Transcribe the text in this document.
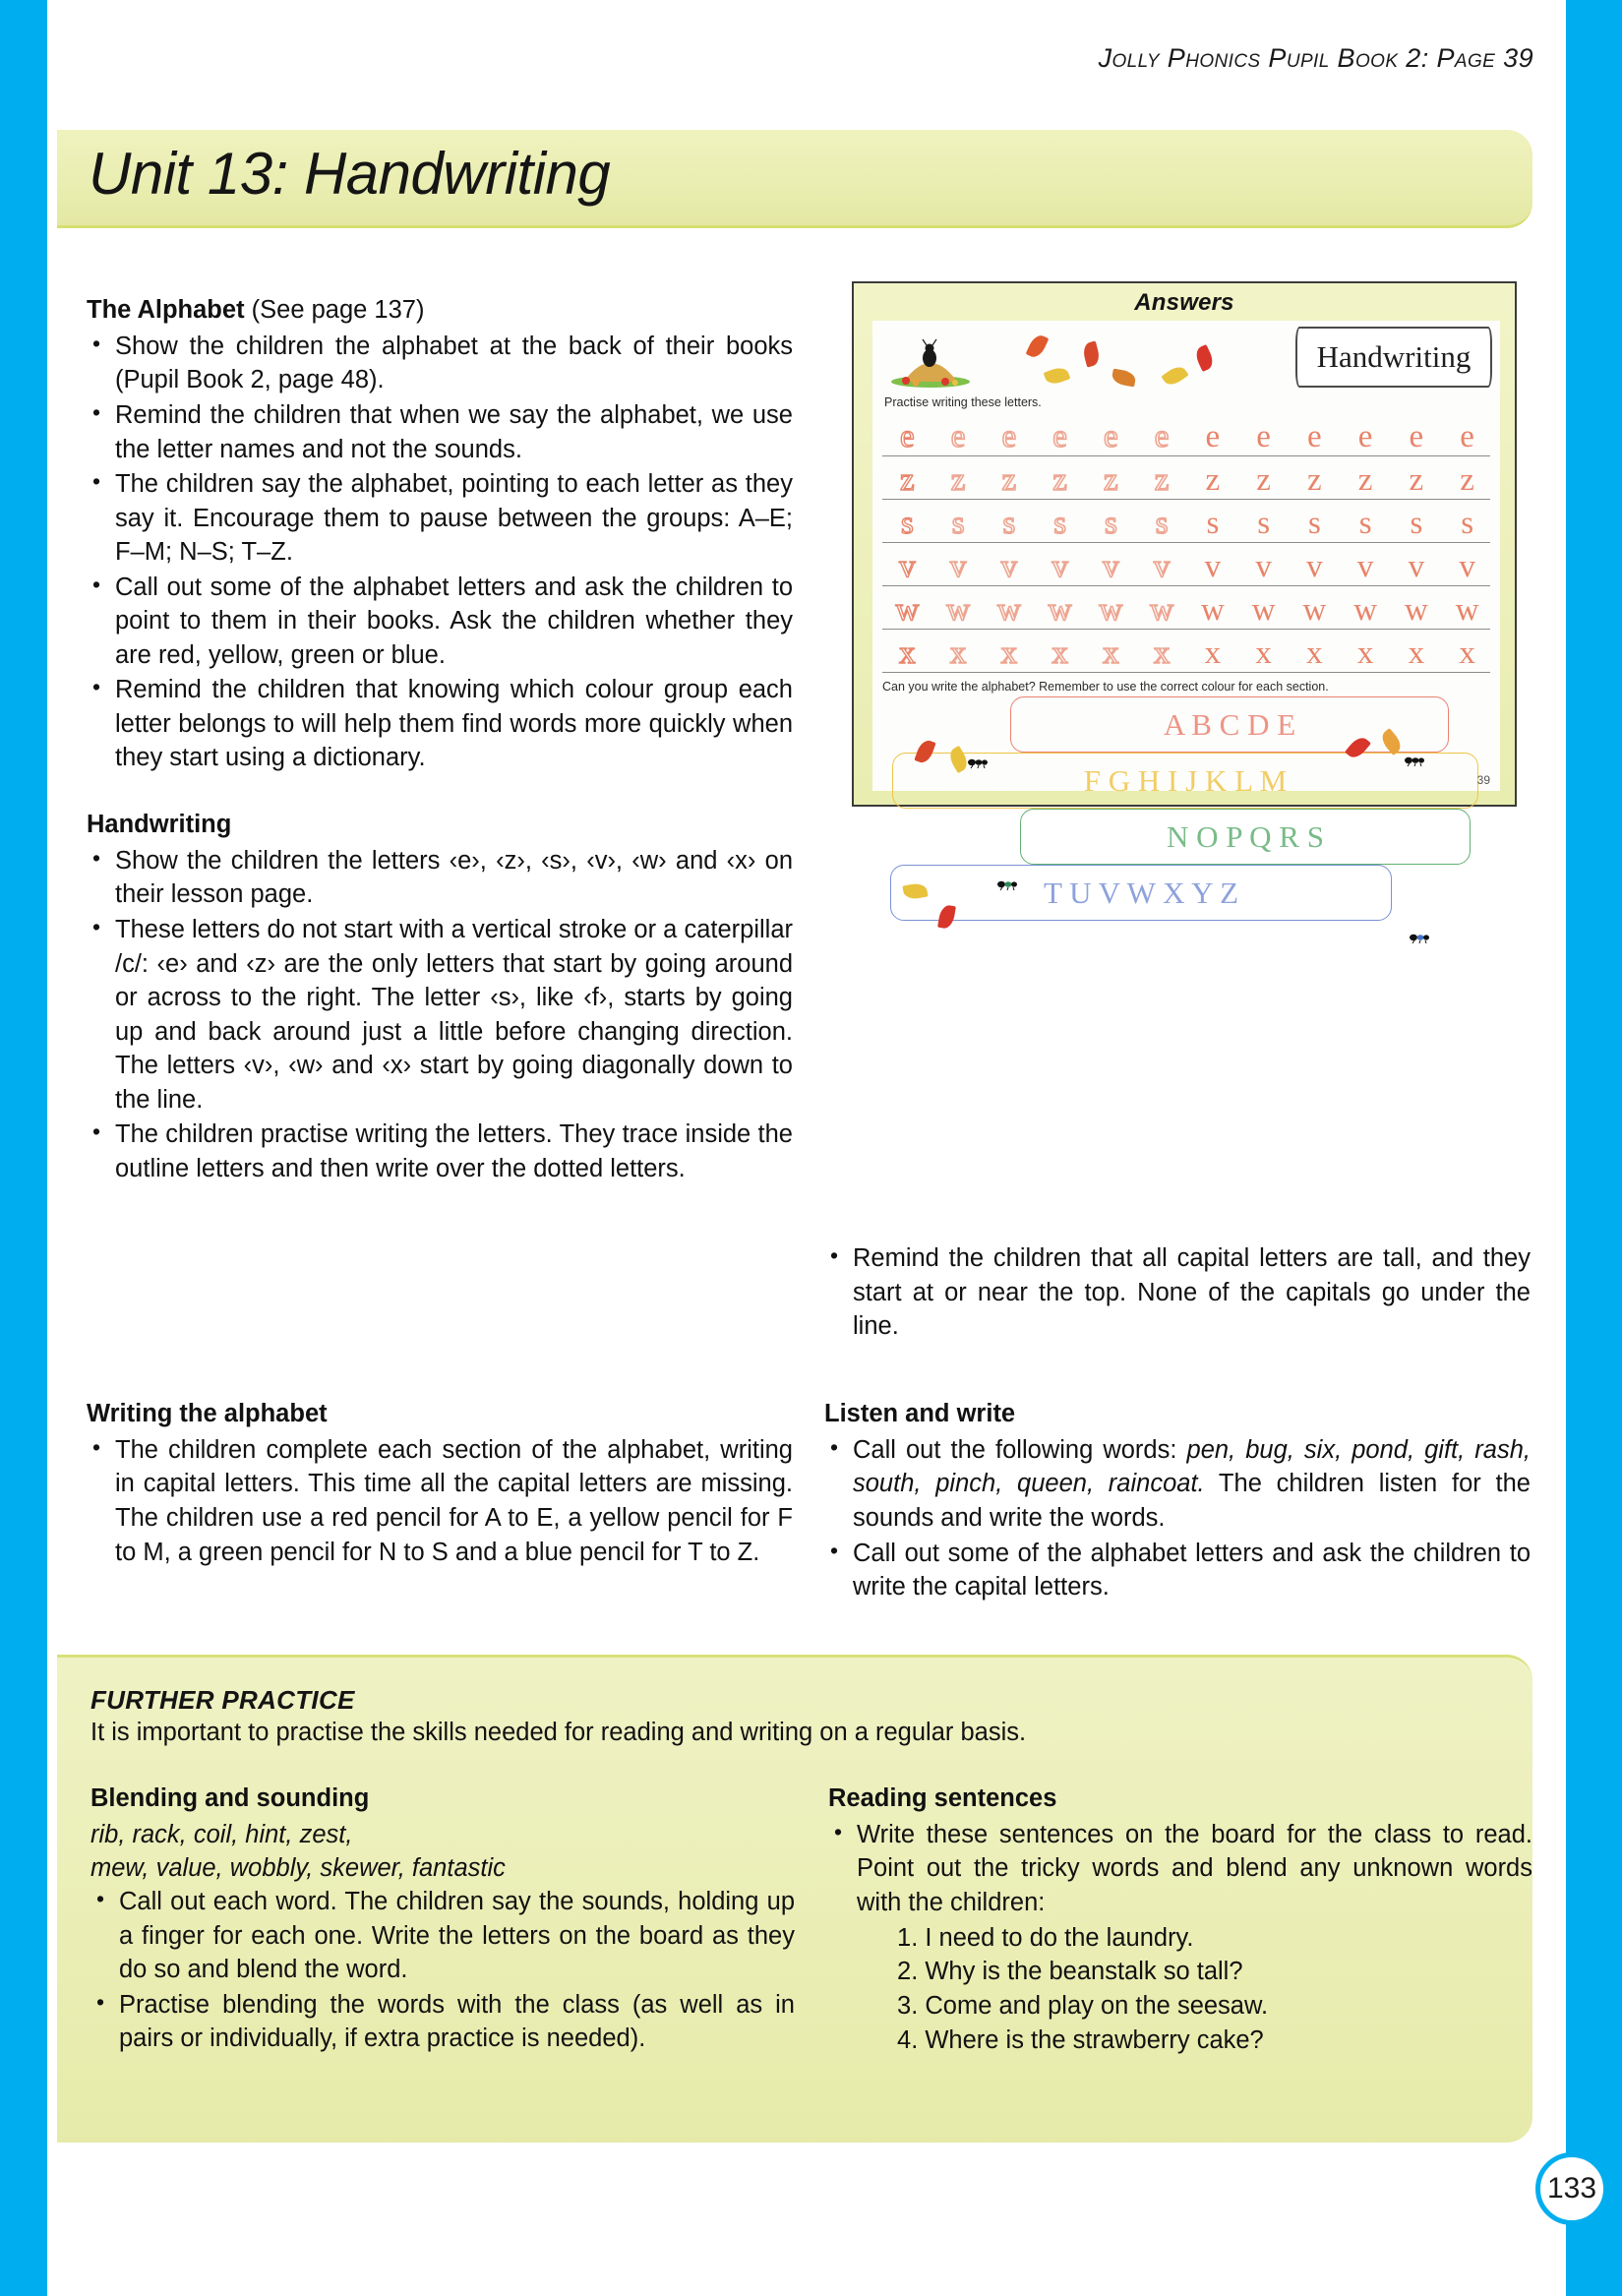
Jolly Phonics Pupil Book 2: Page 39
Unit 13: Handwriting
The Alphabet (See page 137)
• Show the children the alphabet at the back of their books (Pupil Book 2, page 48).
• Remind the children that when we say the alphabet, we use the letter names and not the sounds.
• The children say the alphabet, pointing to each letter as they say it. Encourage them to pause between the groups: A–E; F–M; N–S; T–Z.
• Call out some of the alphabet letters and ask the children to point to them in their books. Ask the children whether they are red, yellow, green or blue.
• Remind the children that knowing which colour group each letter belongs to will help them find words more quickly when they start using a dictionary.
Handwriting
• Show the children the letters ‹e›, ‹z›, ‹s›, ‹v›, ‹w› and ‹x› on their lesson page.
• These letters do not start with a vertical stroke or a caterpillar /c/: ‹e› and ‹z› are the only letters that start by going around or across to the right. The letter ‹s›, like ‹f›, starts by going up and back around just a little before changing direction. The letters ‹v›, ‹w› and ‹x› start by going diagonally down to the line.
• The children practise writing the letters. They trace inside the outline letters and then write over the dotted letters.
• Remind the children that all capital letters are tall, and they start at or near the top. None of the capitals go under the line.
Writing the alphabet
• The children complete each section of the alphabet, writing in capital letters. This time all the capital letters are missing. The children use a red pencil for A to E, a yellow pencil for F to M, a green pencil for N to S and a blue pencil for T to Z.
Listen and write
• Call out the following words: pen, bug, six, pond, gift, rash, south, pinch, queen, raincoat. The children listen for the sounds and write the words.
• Call out some of the alphabet letters and ask the children to write the capital letters.
Answers
Handwriting
Practise writing these letters.
e	e	e	e	e	e	e	e	e	e	e	e
z	z	z	z	z	z	z	z	z	z	z	z
s	s	s	s	s	s	s	s	s	s	s	s
v	v	v	v	v	v	v	v	v	v	v	v
w w w w w w w w w w w w
x	x	x	x	x	x	x	x	x	x	x	x
Can you write the alphabet? Remember to use the correct colour for each section.
A B C D E
F G H I J K L M
N O P Q R S
T U V W X Y Z
39
FURTHER PRACTICE
It is important to practise the skills needed for reading and writing on a regular basis.
Blending and sounding

rib, rack, coil, hint, zest,

mew, value, wobbly, skewer, fantastic

• Call out each word. The children say the sounds, holding up a finger for each one. Write the letters on the board as they do so and blend the word.
• Practise blending the words with the class (as well as in pairs or individually, if extra practice is needed).
Reading sentences
• Write these sentences on the board for the class to read. Point out the tricky words and blend any unknown words with the children:
I need to do the laundry.
Why is the beanstalk so tall?
Come and play on the seesaw.
Where is the strawberry cake?
133
